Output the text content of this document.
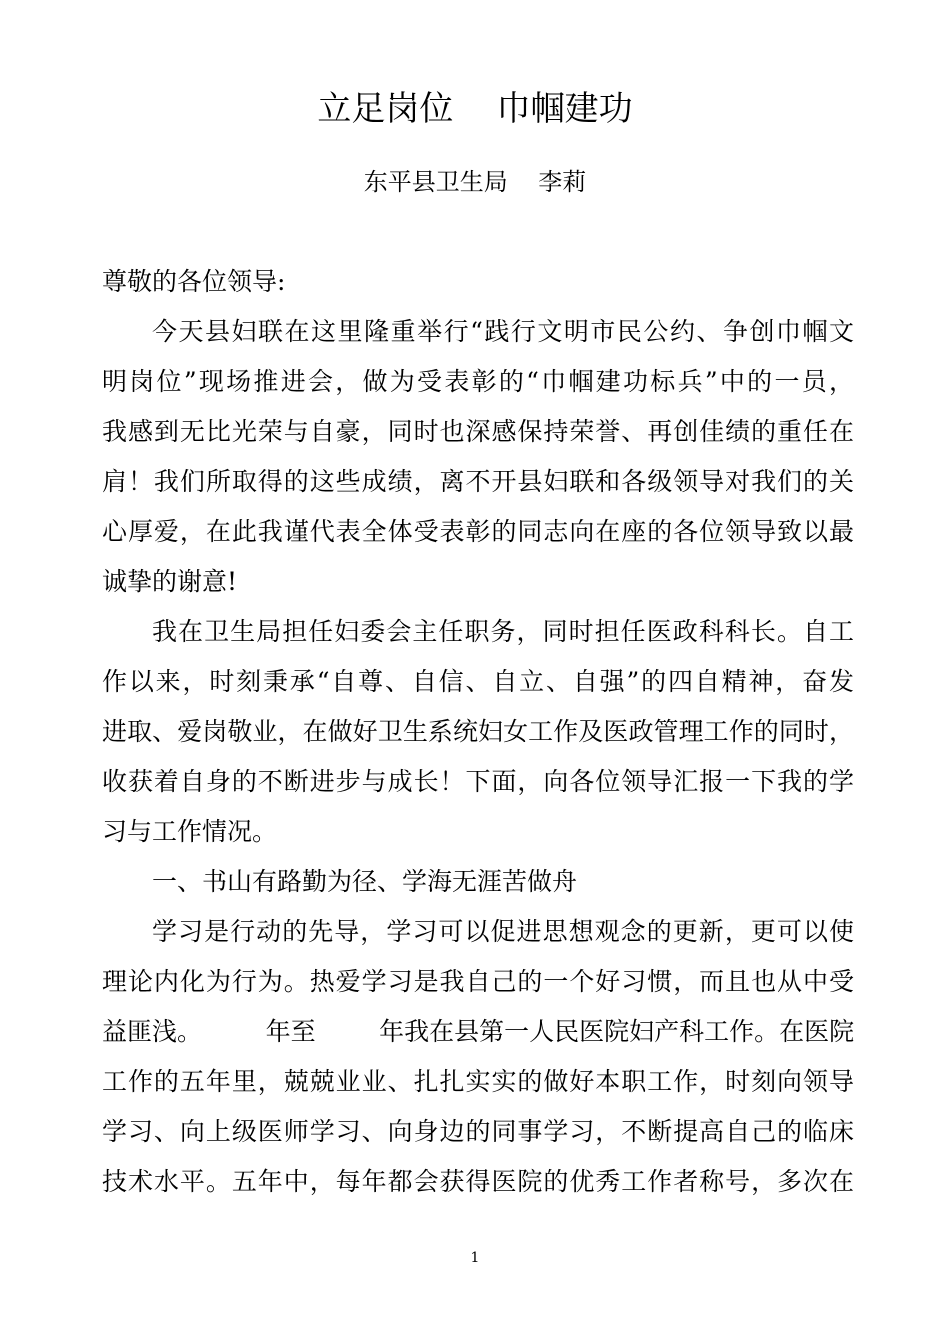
立足岗位    巾帼建功
东平县卫生局    李莉
尊敬的各位领导:
今天县妇联在这里隆重举行“践行文明市民公约、争创巾帼文
明岗位”现场推进会，做为受表彰的“巾帼建功标兵”中的一员，
我感到无比光荣与自豪，同时也深感保持荣誉、再创佳绩的重任在
肩！我们所取得的这些成绩，离不开县妇联和各级领导对我们的关
心厚爱，在此我谨代表全体受表彰的同志向在座的各位领导致以最
诚挚的谢意!
我在卫生局担任妇委会主任职务，同时担任医政科科长。自工
作以来，时刻秉承“自尊、自信、自立、自强”的四自精神，奋发
进取、爱岗敬业，在做好卫生系统妇女工作及医政管理工作的同时，
收获着自身的不断进步与成长！下面，向各位领导汇报一下我的学
习与工作情况。
一、书山有路勤为径、学海无涯苦做舟
学习是行动的先导，学习可以促进思想观念的更新，更可以使
理论内化为行为。热爱学习是我自己的一个好习惯，而且也从中受
益匪浅。        年至        年我在县第一人民医院妇产科工作。在医院
工作的五年里，兢兢业业、扎扎实实的做好本职工作，时刻向领导
学习、向上级医师学习、向身边的同事学习，不断提高自己的临床
技术水平。五年中，每年都会获得医院的优秀工作者称号，多次在
1
